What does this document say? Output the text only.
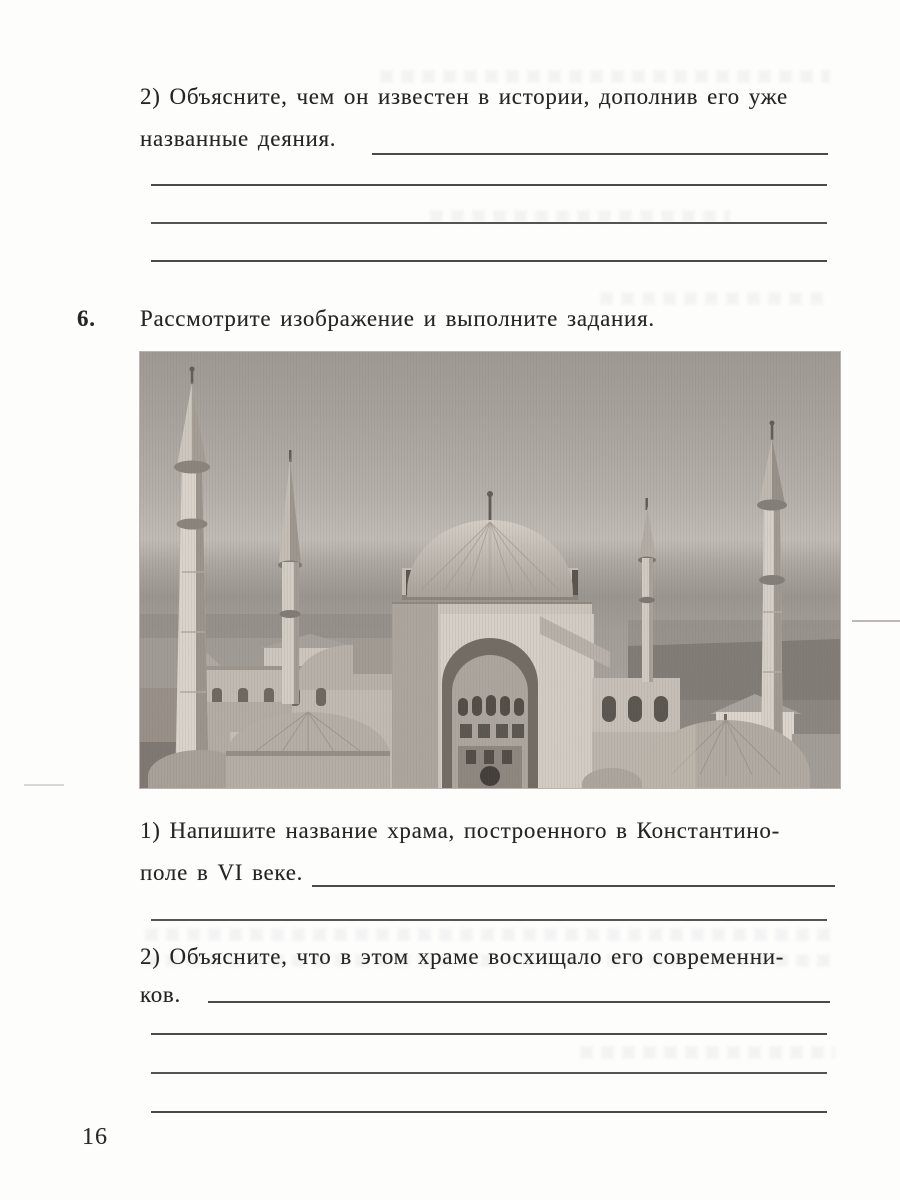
2) Объясните, чем он известен в истории, дополнив его уже
названные деяния.
6. Рассмотрите изображение и выполните задания.
1) Напишите название храма, построенного в Константино-
поле в VI веке.
2) Объясните, что в этом храме восхищало его современни-
ков.
16
